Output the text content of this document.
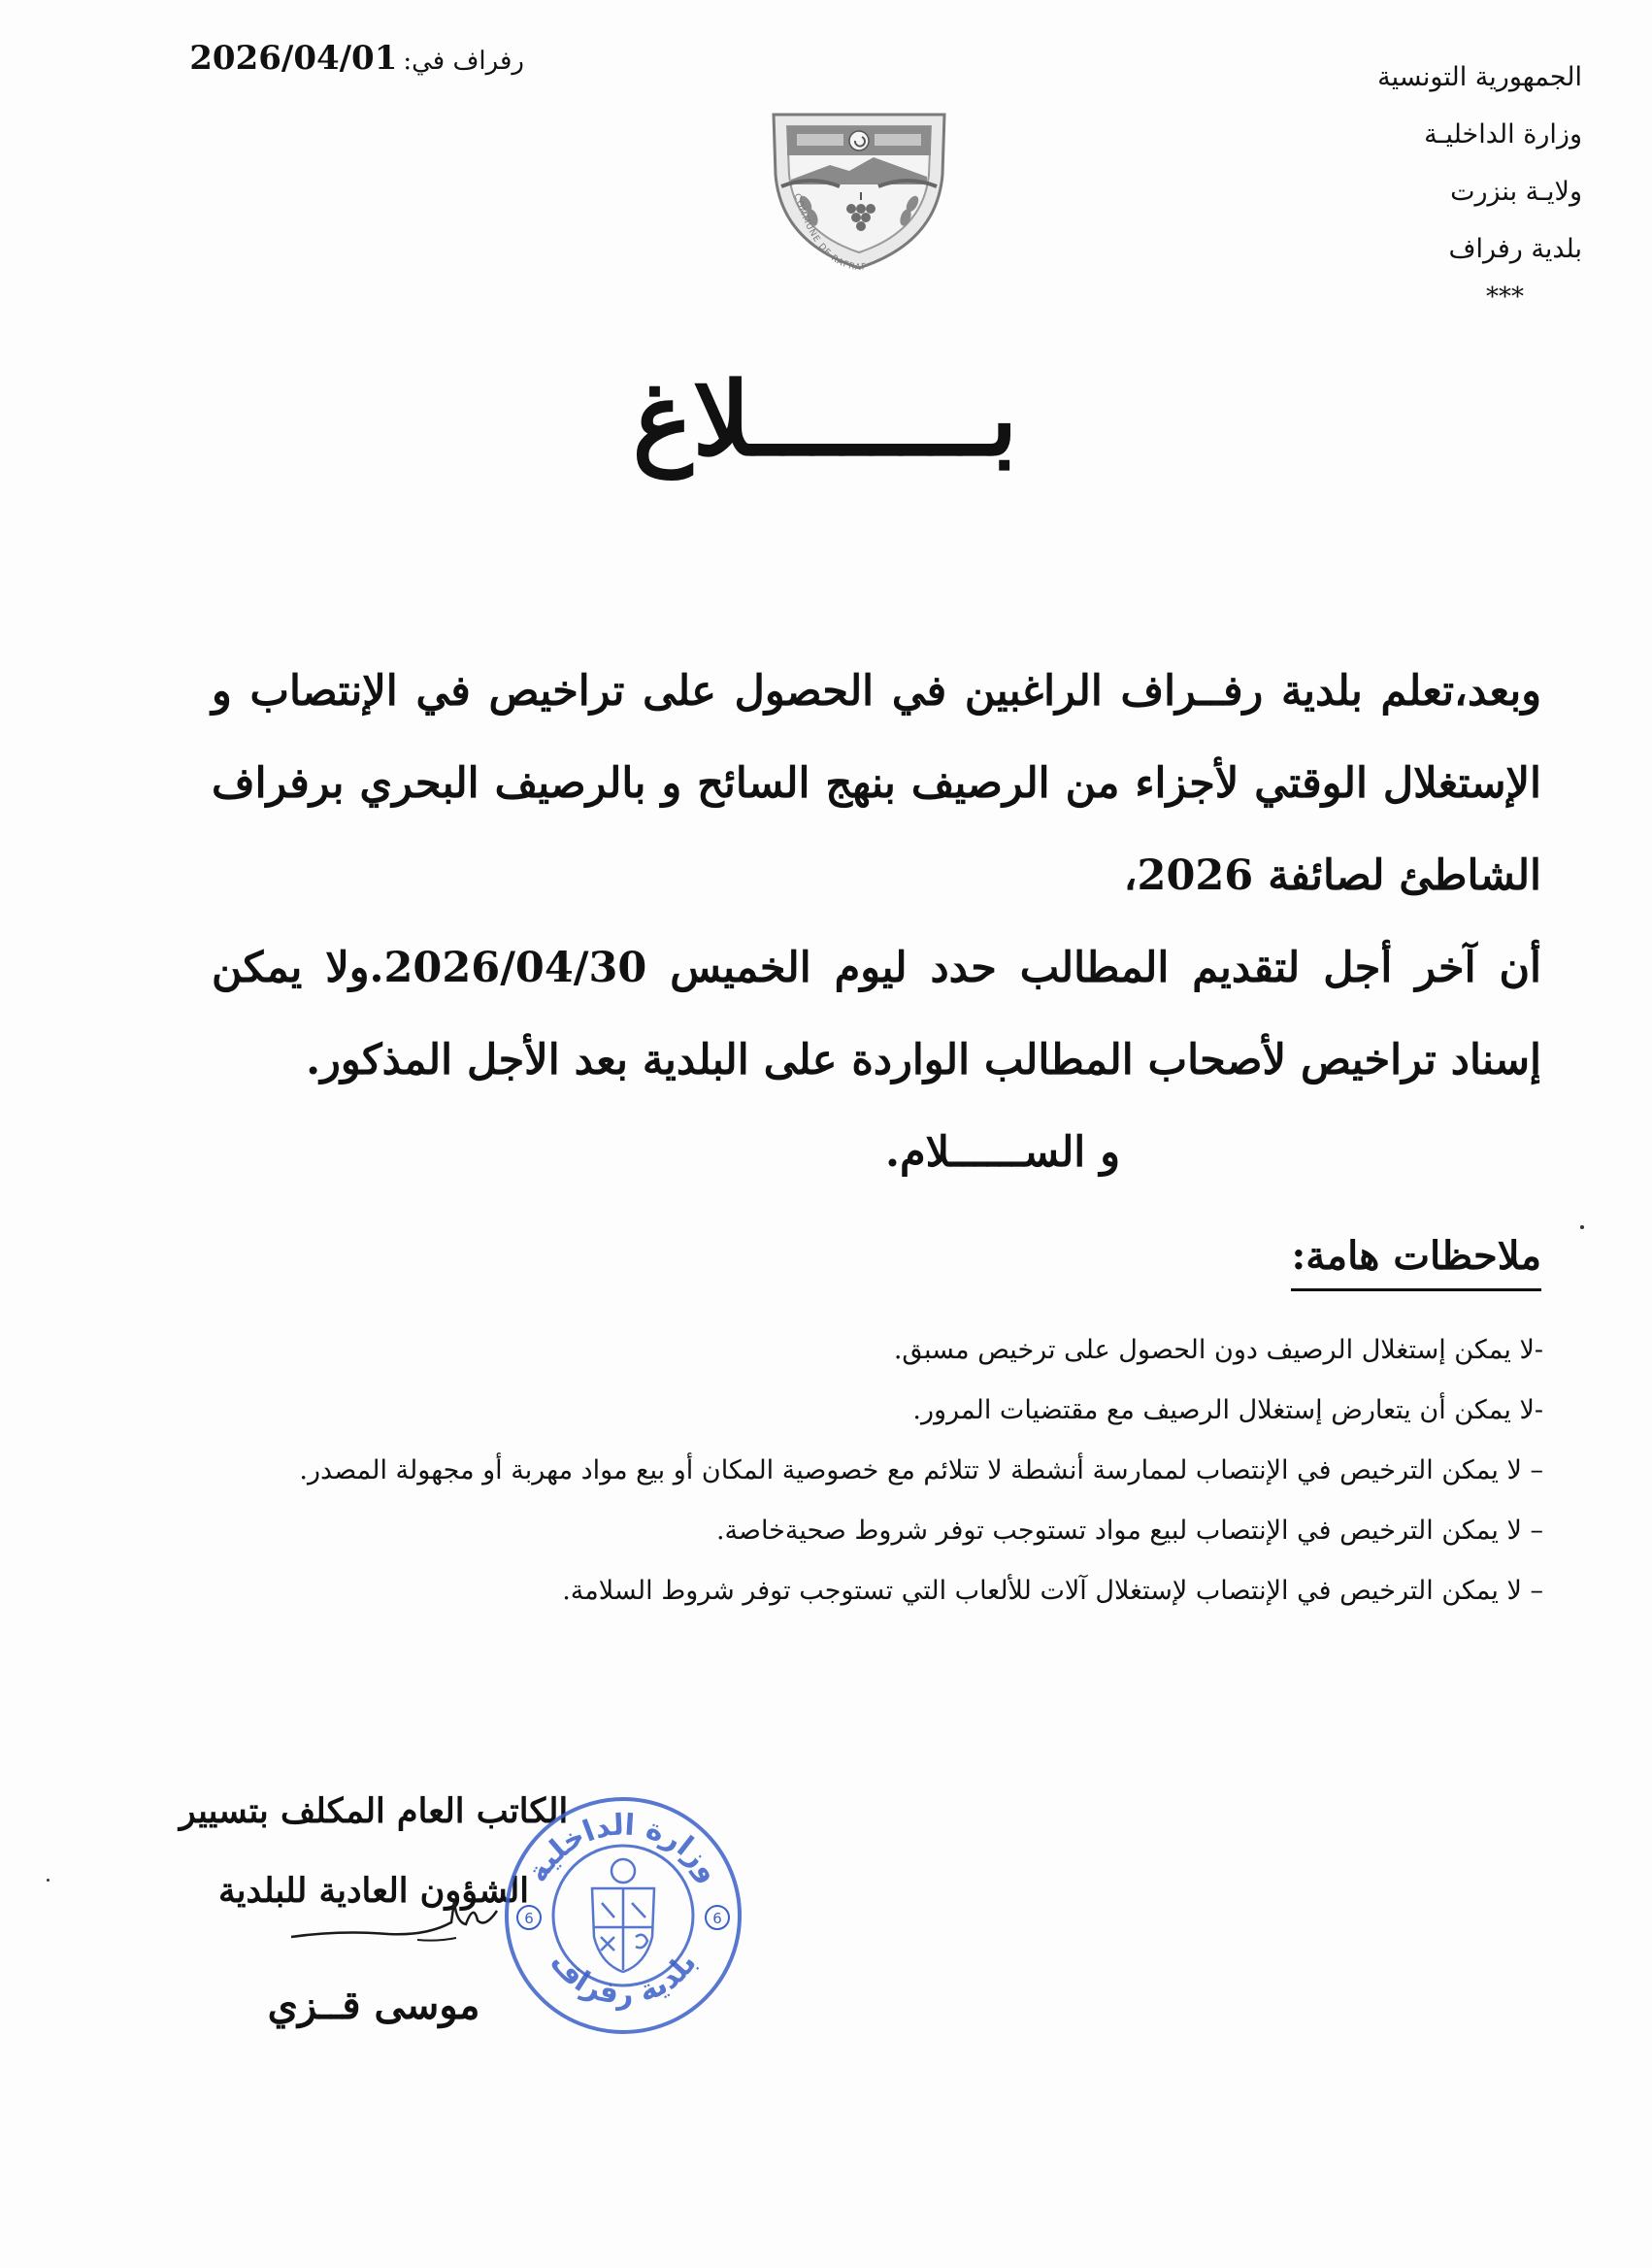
رفراف في:2026/04/01	الجمهورية التونسية
وزارة الداخليـة
ولايـة بنزرت
بلدية رفراف
***
COMMUNE DE RAFRAF
بــــــــلاغ

وبعد،تعلم بلدية رفــراف الراغبين في الحصول على تراخيص في الإنتصاب و الإستغلال الوقتي لأجزاء من الرصيف بنهج السائح و بالرصيف البحري برفراف الشاطئ لصائفة 2026،

أن آخر أجل لتقديم المطالب حدد ليوم الخميس 2026/04/30.ولا يمكن إسناد تراخيص لأصحاب المطالب الواردة على البلدية بعد الأجل المذكور.

و الســــــلام.

ملاحظات هامة:
-لا يمكن إستغلال الرصيف دون الحصول على ترخيص مسبق.
-لا يمكن أن يتعارض إستغلال الرصيف مع مقتضيات المرور.
– لا يمكن الترخيص في الإنتصاب لممارسة أنشطة لا تتلائم مع خصوصية المكان أو بيع مواد مهربة أو مجهولة المصدر.
– لا يمكن الترخيص في الإنتصاب لبيع مواد تستوجب توفر شروط صحيةخاصة.
– لا يمكن الترخيص في الإنتصاب لإستغلال آلات للألعاب التي تستوجب توفر شروط السلامة.
الكاتب العام المكلف بتسيير
الشؤون العادية للبلدية
موسى قــزي
وزارة الداخلية
بلدية رفراف
6	6
